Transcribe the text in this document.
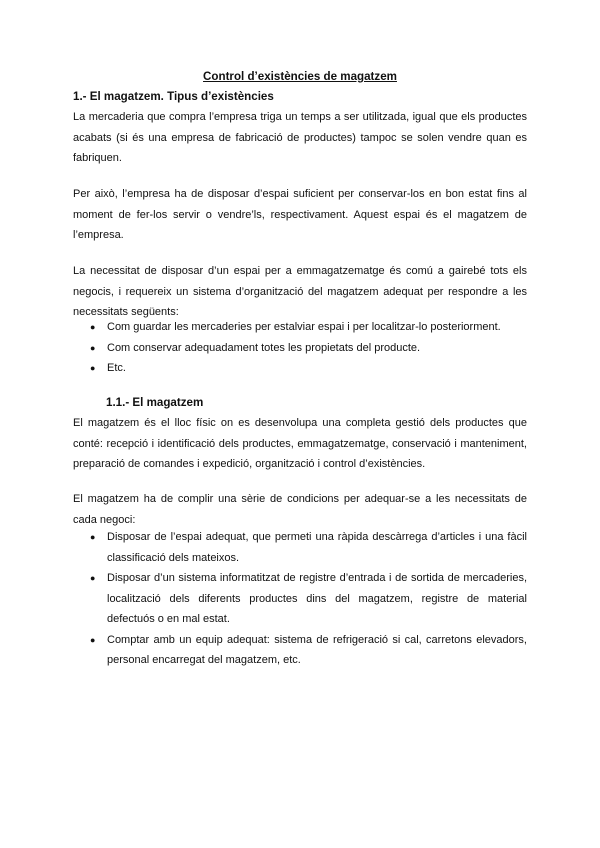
Control d’existències de magatzem
1.- El magatzem. Tipus d’existències

La mercaderia que compra l’empresa triga un temps a ser utilitzada, igual que els productes acabats (si és una empresa de fabricació de productes) tampoc se solen vendre quan es fabriquen.

Per això, l’empresa ha de disposar d’espai suficient per conservar-los en bon estat fins al moment de fer-los servir o vendre’ls, respectivament. Aquest espai és el magatzem de l’empresa.

La necessitat de disposar d’un espai per a emmagatzematge és comú a gairebé tots els negocis, i requereix un sistema d’organització del magatzem adequat per respondre a les necessitats següents:

● Com guardar les mercaderies per estalviar espai i per localitzar-lo posteriorment.
● Com conservar adequadament totes les propietats del producte.
● Etc.
1.1.- El magatzem

El magatzem és el lloc físic on es desenvolupa una completa gestió dels productes que conté: recepció i identificació dels productes, emmagatzematge, conservació i manteniment, preparació de comandes i expedició, organització i control d’existències.

El magatzem ha de complir una sèrie de condicions per adequar-se a les necessitats de cada negoci:

● Disposar de l’espai adequat, que permeti una ràpida descàrrega d’articles i una fàcil classificació dels mateixos.
● Disposar d’un sistema informatitzat de registre d’entrada i de sortida de mercaderies, localització dels diferents productes dins del magatzem, registre de material defectuós o en mal estat.
● Comptar amb un equip adequat: sistema de refrigeració si cal, carretons elevadors, personal encarregat del magatzem, etc.
